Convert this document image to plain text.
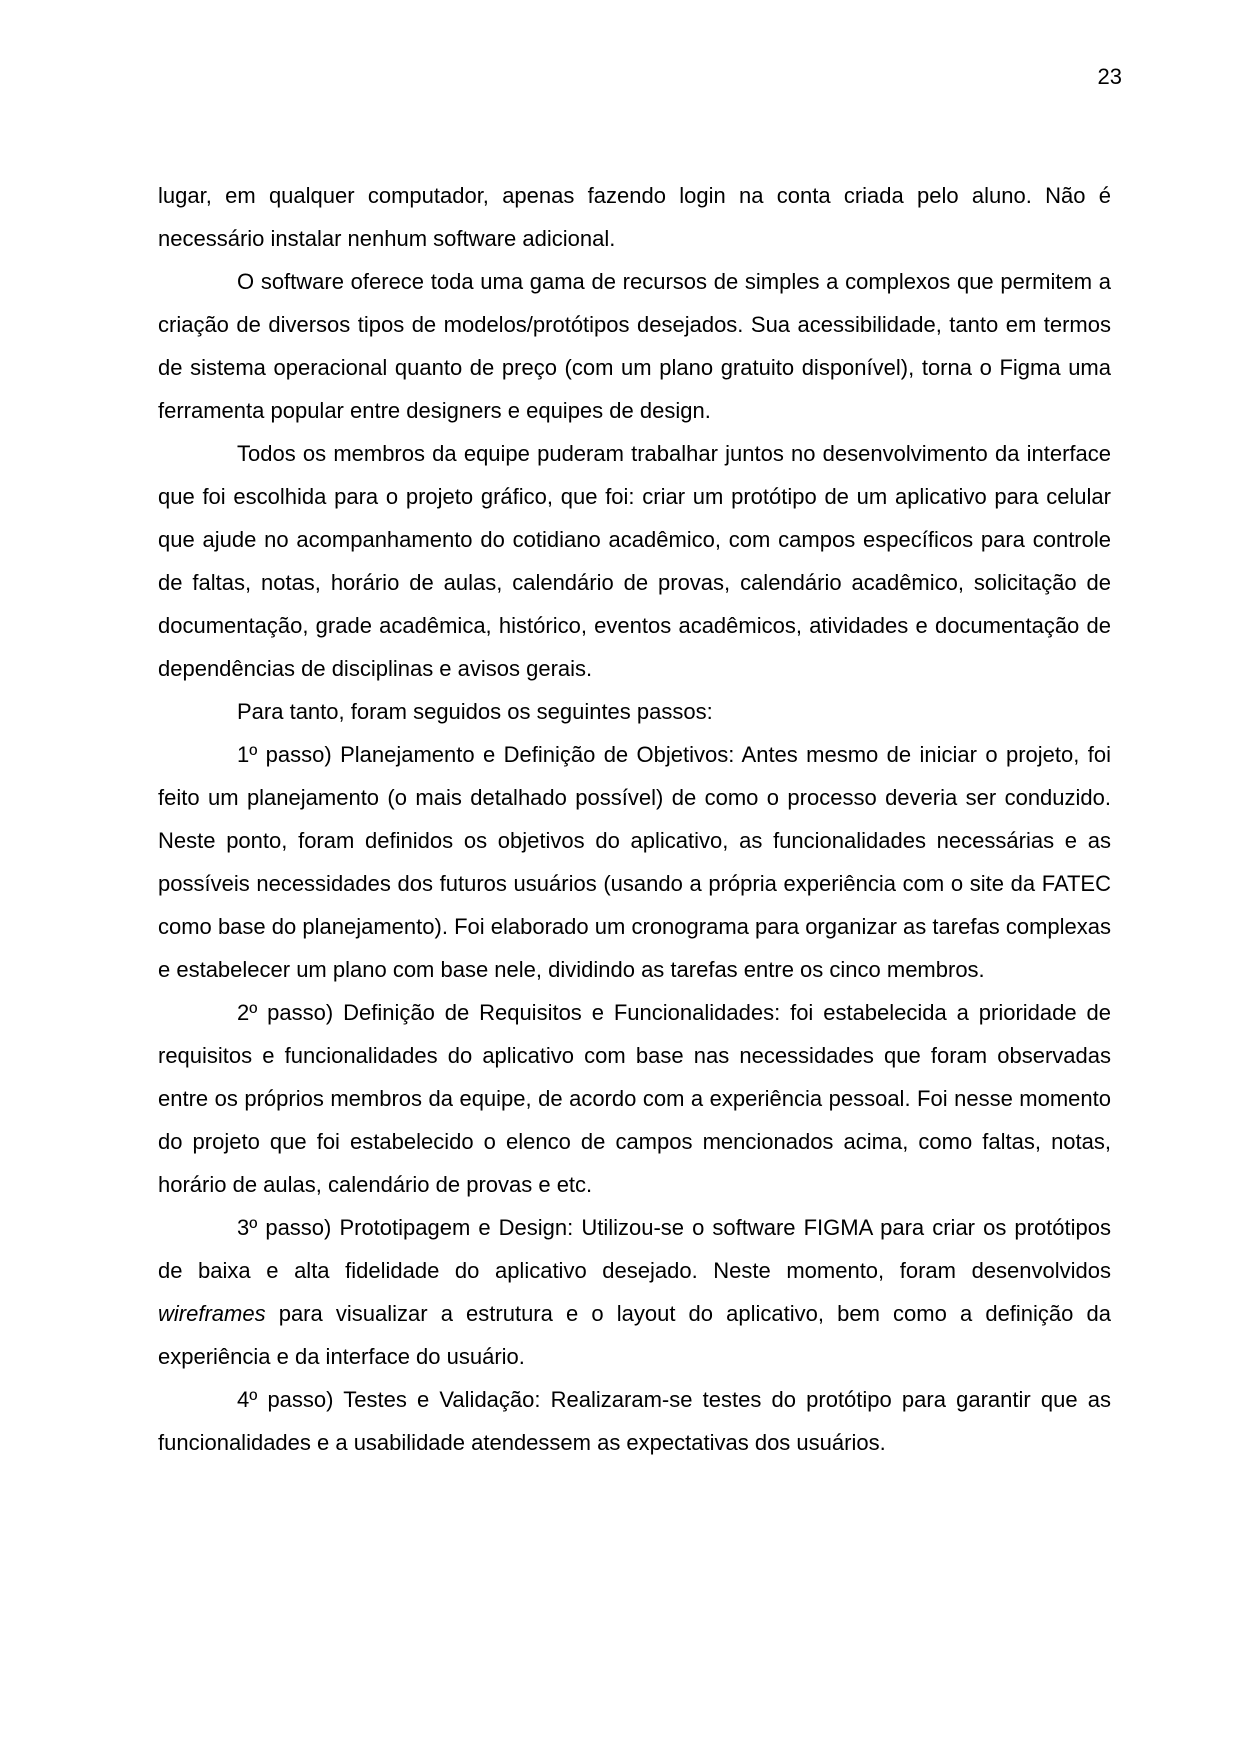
23

lugar, em qualquer computador, apenas fazendo login na conta criada pelo aluno. Não é necessário instalar nenhum software adicional.

O software oferece toda uma gama de recursos de simples a complexos que permitem a criação de diversos tipos de modelos/protótipos desejados. Sua acessibilidade, tanto em termos de sistema operacional quanto de preço (com um plano gratuito disponível), torna o Figma uma ferramenta popular entre designers e equipes de design.

Todos os membros da equipe puderam trabalhar juntos no desenvolvimento da interface que foi escolhida para o projeto gráfico, que foi: criar um protótipo de um aplicativo para celular que ajude no acompanhamento do cotidiano acadêmico, com campos específicos para controle de faltas, notas, horário de aulas, calendário de provas, calendário acadêmico, solicitação de documentação, grade acadêmica, histórico, eventos acadêmicos, atividades e documentação de dependências de disciplinas e avisos gerais.

Para tanto, foram seguidos os seguintes passos:

1º passo) Planejamento e Definição de Objetivos: Antes mesmo de iniciar o projeto, foi feito um planejamento (o mais detalhado possível) de como o processo deveria ser conduzido. Neste ponto, foram definidos os objetivos do aplicativo, as funcionalidades necessárias e as possíveis necessidades dos futuros usuários (usando a própria experiência com o site da FATEC como base do planejamento). Foi elaborado um cronograma para organizar as tarefas complexas e estabelecer um plano com base nele, dividindo as tarefas entre os cinco membros.

2º passo) Definição de Requisitos e Funcionalidades: foi estabelecida a prioridade de requisitos e funcionalidades do aplicativo com base nas necessidades que foram observadas entre os próprios membros da equipe, de acordo com a experiência pessoal. Foi nesse momento do projeto que foi estabelecido o elenco de campos mencionados acima, como faltas, notas, horário de aulas, calendário de provas e etc.

3º passo) Prototipagem e Design: Utilizou-se o software FIGMA para criar os protótipos de baixa e alta fidelidade do aplicativo desejado. Neste momento, foram desenvolvidos wireframes para visualizar a estrutura e o layout do aplicativo, bem como a definição da experiência e da interface do usuário.

4º passo) Testes e Validação: Realizaram-se testes do protótipo para garantir que as funcionalidades e a usabilidade atendessem as expectativas dos usuários.
